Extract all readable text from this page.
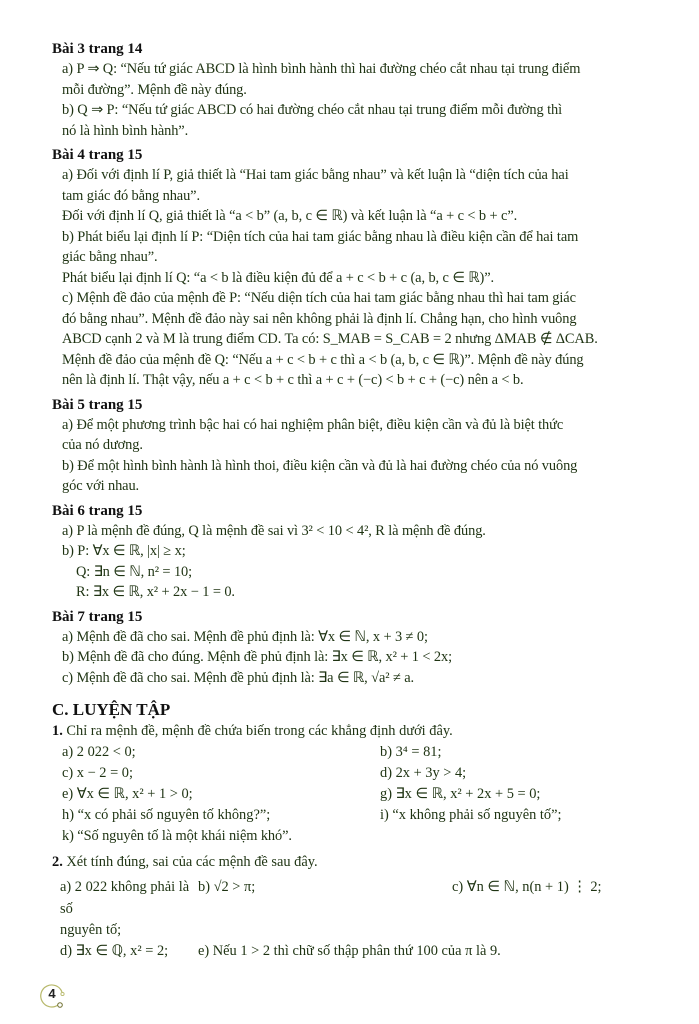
Bài 3 trang 14

a) P ⇒ Q: “Nếu tứ giác ABCD là hình bình hành thì hai đường chéo cắt nhau tại trung điểm

mỗi đường”. Mệnh đề này đúng.

b) Q ⇒ P: “Nếu tứ giác ABCD có hai đường chéo cắt nhau tại trung điểm mỗi đường thì

nó là hình bình hành”.

Bài 4 trang 15

a) Đối với định lí P, giả thiết là “Hai tam giác bằng nhau” và kết luận là “diện tích của hai

tam giác đó bằng nhau”.

Đối với định lí Q, giả thiết là “a < b” (a, b, c ∈ ℝ) và kết luận là “a + c < b + c”.

b) Phát biểu lại định lí P: “Diện tích của hai tam giác bằng nhau là điều kiện cần để hai tam

giác bằng nhau”.

Phát biểu lại định lí Q: “a < b là điều kiện đủ để a + c < b + c (a, b, c ∈ ℝ)”.

c) Mệnh đề đảo của mệnh đề P: “Nếu diện tích của hai tam giác bằng nhau thì hai tam giác

đó bằng nhau”. Mệnh đề đảo này sai nên không phải là định lí. Chẳng hạn, cho hình vuông

ABCD cạnh 2 và M là trung điểm CD. Ta có: S_MAB = S_CAB = 2 nhưng ΔMAB ∉ ΔCAB.

Mệnh đề đảo của mệnh đề Q: “Nếu a + c < b + c thì a < b (a, b, c ∈ ℝ)”. Mệnh đề này đúng

nên là định lí. Thật vậy, nếu a + c < b + c thì a + c + (−c) < b + c + (−c) nên a < b.

Bài 5 trang 15

a) Để một phương trình bậc hai có hai nghiệm phân biệt, điều kiện cần và đủ là biệt thức

của nó dương.

b) Để một hình bình hành là hình thoi, điều kiện cần và đủ là hai đường chéo của nó vuông

góc với nhau.

Bài 6 trang 15

a) P là mệnh đề đúng, Q là mệnh đề sai vì 3² < 10 < 4², R là mệnh đề đúng.

b) P: ∀x ∈ ℝ, |x| ≥ x;

Q: ∃n ∈ ℕ, n² = 10;

R: ∃x ∈ ℝ, x² + 2x − 1 = 0.

Bài 7 trang 15

a) Mệnh đề đã cho sai. Mệnh đề phủ định là: ∀x ∈ ℕ, x + 3 ≠ 0;

b) Mệnh đề đã cho đúng. Mệnh đề phủ định là: ∃x ∈ ℝ, x² + 1 < 2x;

c) Mệnh đề đã cho sai. Mệnh đề phủ định là: ∃a ∈ ℝ, √a² ≠ a.

C. LUYỆN TẬP

1. Chỉ ra mệnh đề, mệnh đề chứa biến trong các khẳng định dưới đây.

a) 2 022 < 0;	b) 3⁴ = 81;
c) x − 2 = 0;	d) 2x + 3y > 4;
e) ∀x ∈ ℝ, x² + 1 > 0;	g) ∃x ∈ ℝ, x² + 2x + 5 = 0;
h) “x có phải số nguyên tố không?”;	i) “x không phải số nguyên tố”;

k) “Số nguyên tố là một khái niệm khó”.

2. Xét tính đúng, sai của các mệnh đề sau đây.

a) 2 022 không phải là số
b) √2 > π;	c) ∀n ∈ ℕ, n(n + 1) ⋮ 2;

nguyên tố;

d) ∃x ∈ ℚ, x² = 2;	e) Nếu 1 > 2 thì chữ số thập phân thứ 100 của π là 9.
4
